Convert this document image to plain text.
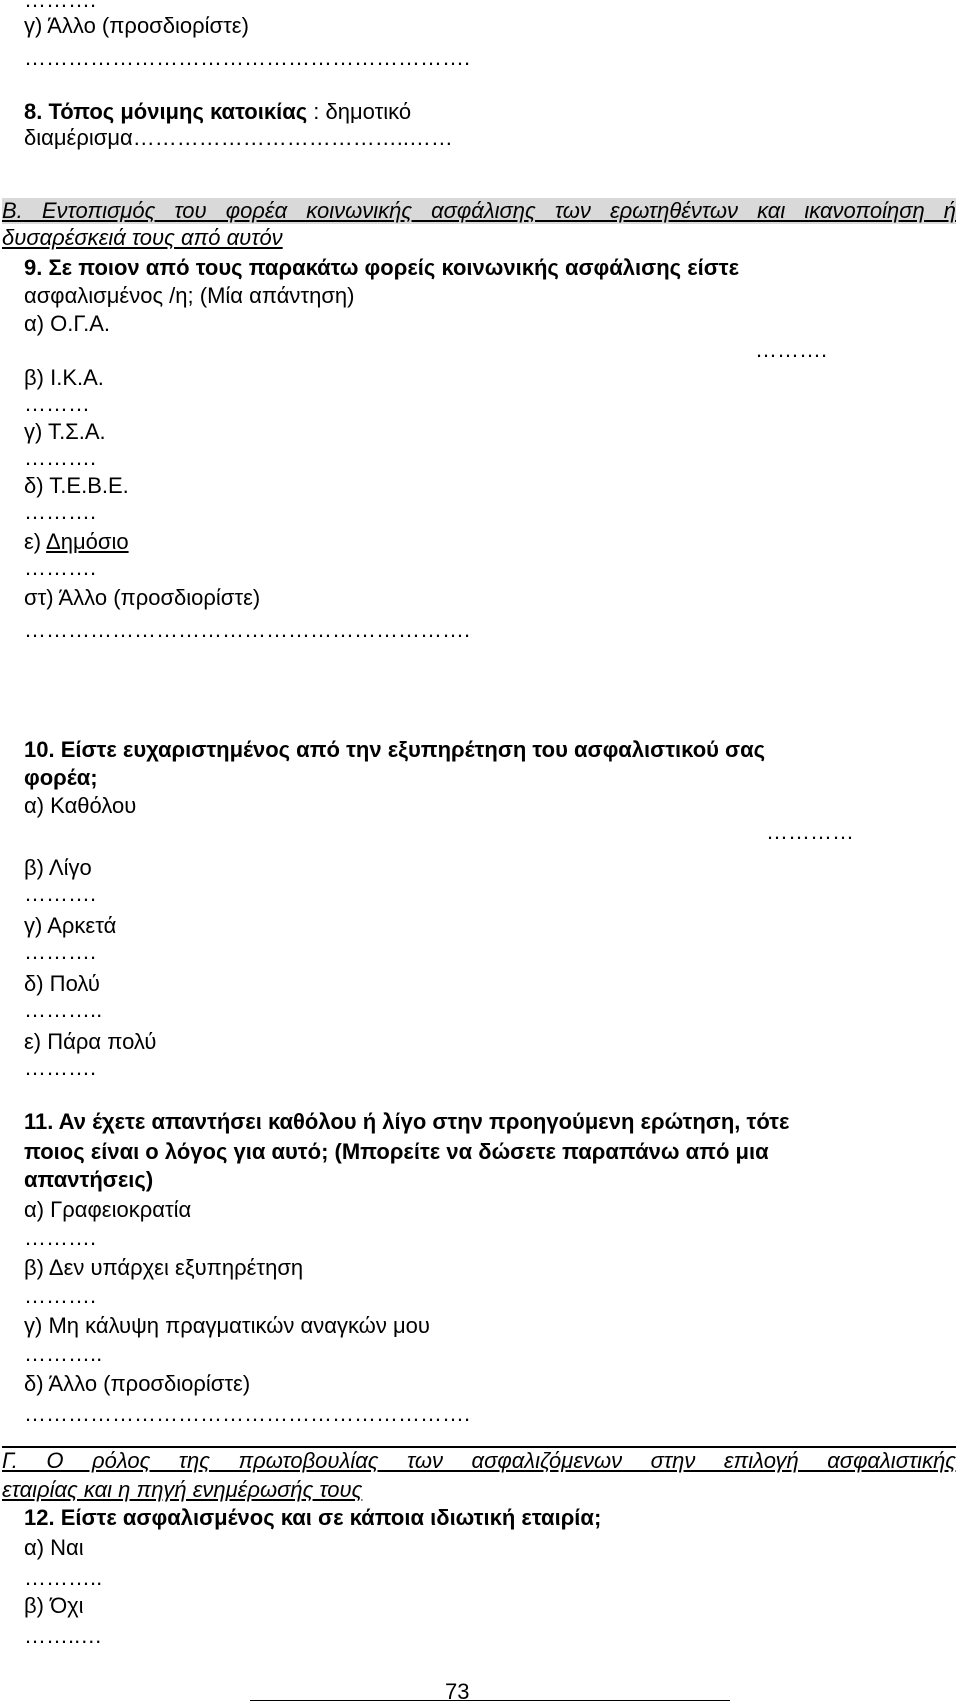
γ) Άλλο (προσδιορίστε)
…………………………………………………….
8. Τόπος μόνιμης κατοικίας : δημοτικό
διαμέρισμα………………………………..……
Β. Εντοπισμός του φορέα κοινωνικής ασφάλισης των ερωτηθέντων και ικανοποίηση ή
δυσαρέσκειά τους από αυτόν
9. Σε ποιον από τους παρακάτω φορείς κοινωνικής ασφάλισης είστε
ασφαλισμένος /η; (Μία απάντηση)
α) Ο.Γ.Α.
……….
β) Ι.Κ.Α.
………
γ) Τ.Σ.Α.
……….
δ) Τ.Ε.Β.Ε.
……….
ε) Δημόσιο
……….
στ) Άλλο (προσδιορίστε)
…………………………………………………….
10. Είστε ευχαριστημένος από την εξυπηρέτηση του ασφαλιστικού σας
φορέα;
α) Καθόλου
…………
β) Λίγο
……….
γ) Αρκετά
……….
δ) Πολύ
………..
ε) Πάρα πολύ
……….
11. Αν έχετε απαντήσει καθόλου ή λίγο στην προηγούμενη ερώτηση, τότε
ποιος είναι ο λόγος για αυτό; (Μπορείτε να δώσετε παραπάνω από μια
απαντήσεις)
α) Γραφειοκρατία
……….
β) Δεν υπάρχει εξυπηρέτηση
……….
γ) Μη κάλυψη πραγματικών αναγκών μου
………..
δ) Άλλο (προσδιορίστε)
…………………………………………………….
Γ. Ο ρόλος της πρωτοβουλίας των ασφαλιζόμενων στην επιλογή ασφαλιστικής
εταιρίας και η πηγή ενημέρωσής τους
12. Είστε ασφαλισμένος και σε κάποια ιδιωτική εταιρία;
α) Ναι
………..
β) Όχι
……..…
73
